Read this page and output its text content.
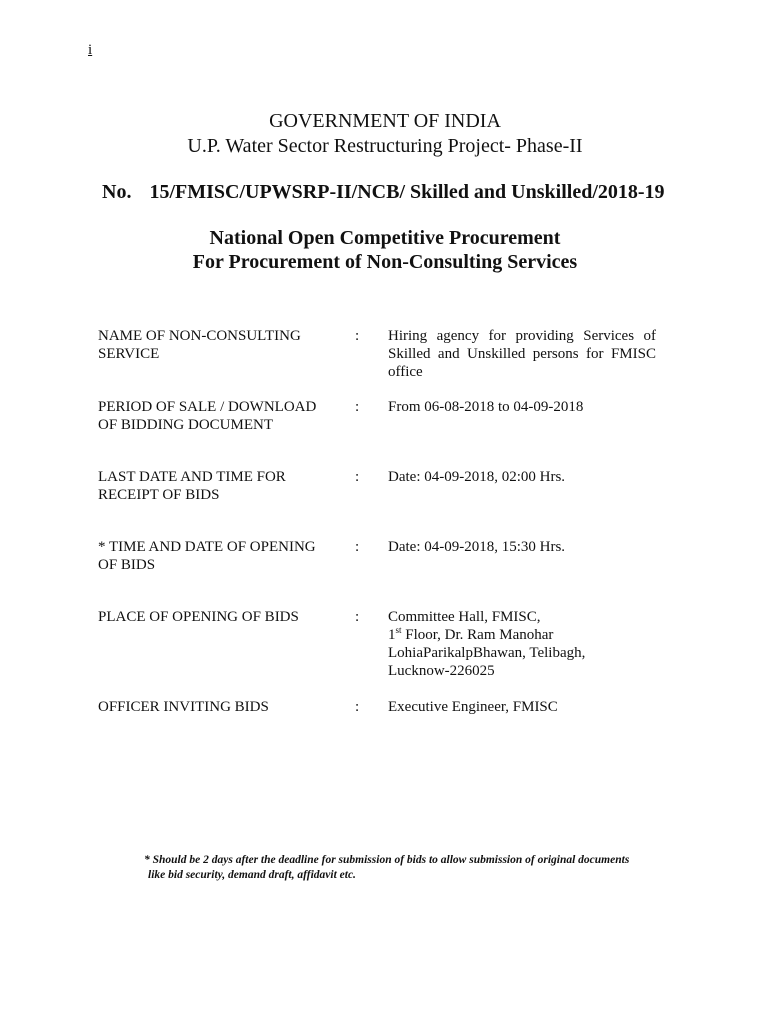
i
GOVERNMENT OF INDIA
U.P. Water Sector Restructuring Project- Phase-II
No. 15/FMISC/UPWSRP-II/NCB/ Skilled and Unskilled/2018-19
National Open Competitive Procurement
For Procurement of Non-Consulting Services
NAME OF NON-CONSULTING
SERVICE
: Hiring agency for providing Services of Skilled and Unskilled persons for FMISC office
PERIOD OF SALE / DOWNLOAD
OF BIDDING DOCUMENT
: From 06-08-2018 to 04-09-2018
LAST DATE AND TIME FOR
RECEIPT OF BIDS
: Date: 04-09-2018, 02:00 Hrs.
* TIME AND DATE OF OPENING
OF BIDS
: Date: 04-09-2018, 15:30 Hrs.
PLACE OF OPENING OF BIDS	: Committee Hall, FMISC,
1st Floor, Dr. Ram Manohar
LohiaParikalpBhawan, Telibagh,
Lucknow-226025
OFFICER INVITING BIDS	: Executive Engineer, FMISC
* Should be 2 days after the deadline for submission of bids to allow submission of original documents
like bid security, demand draft, affidavit etc.
